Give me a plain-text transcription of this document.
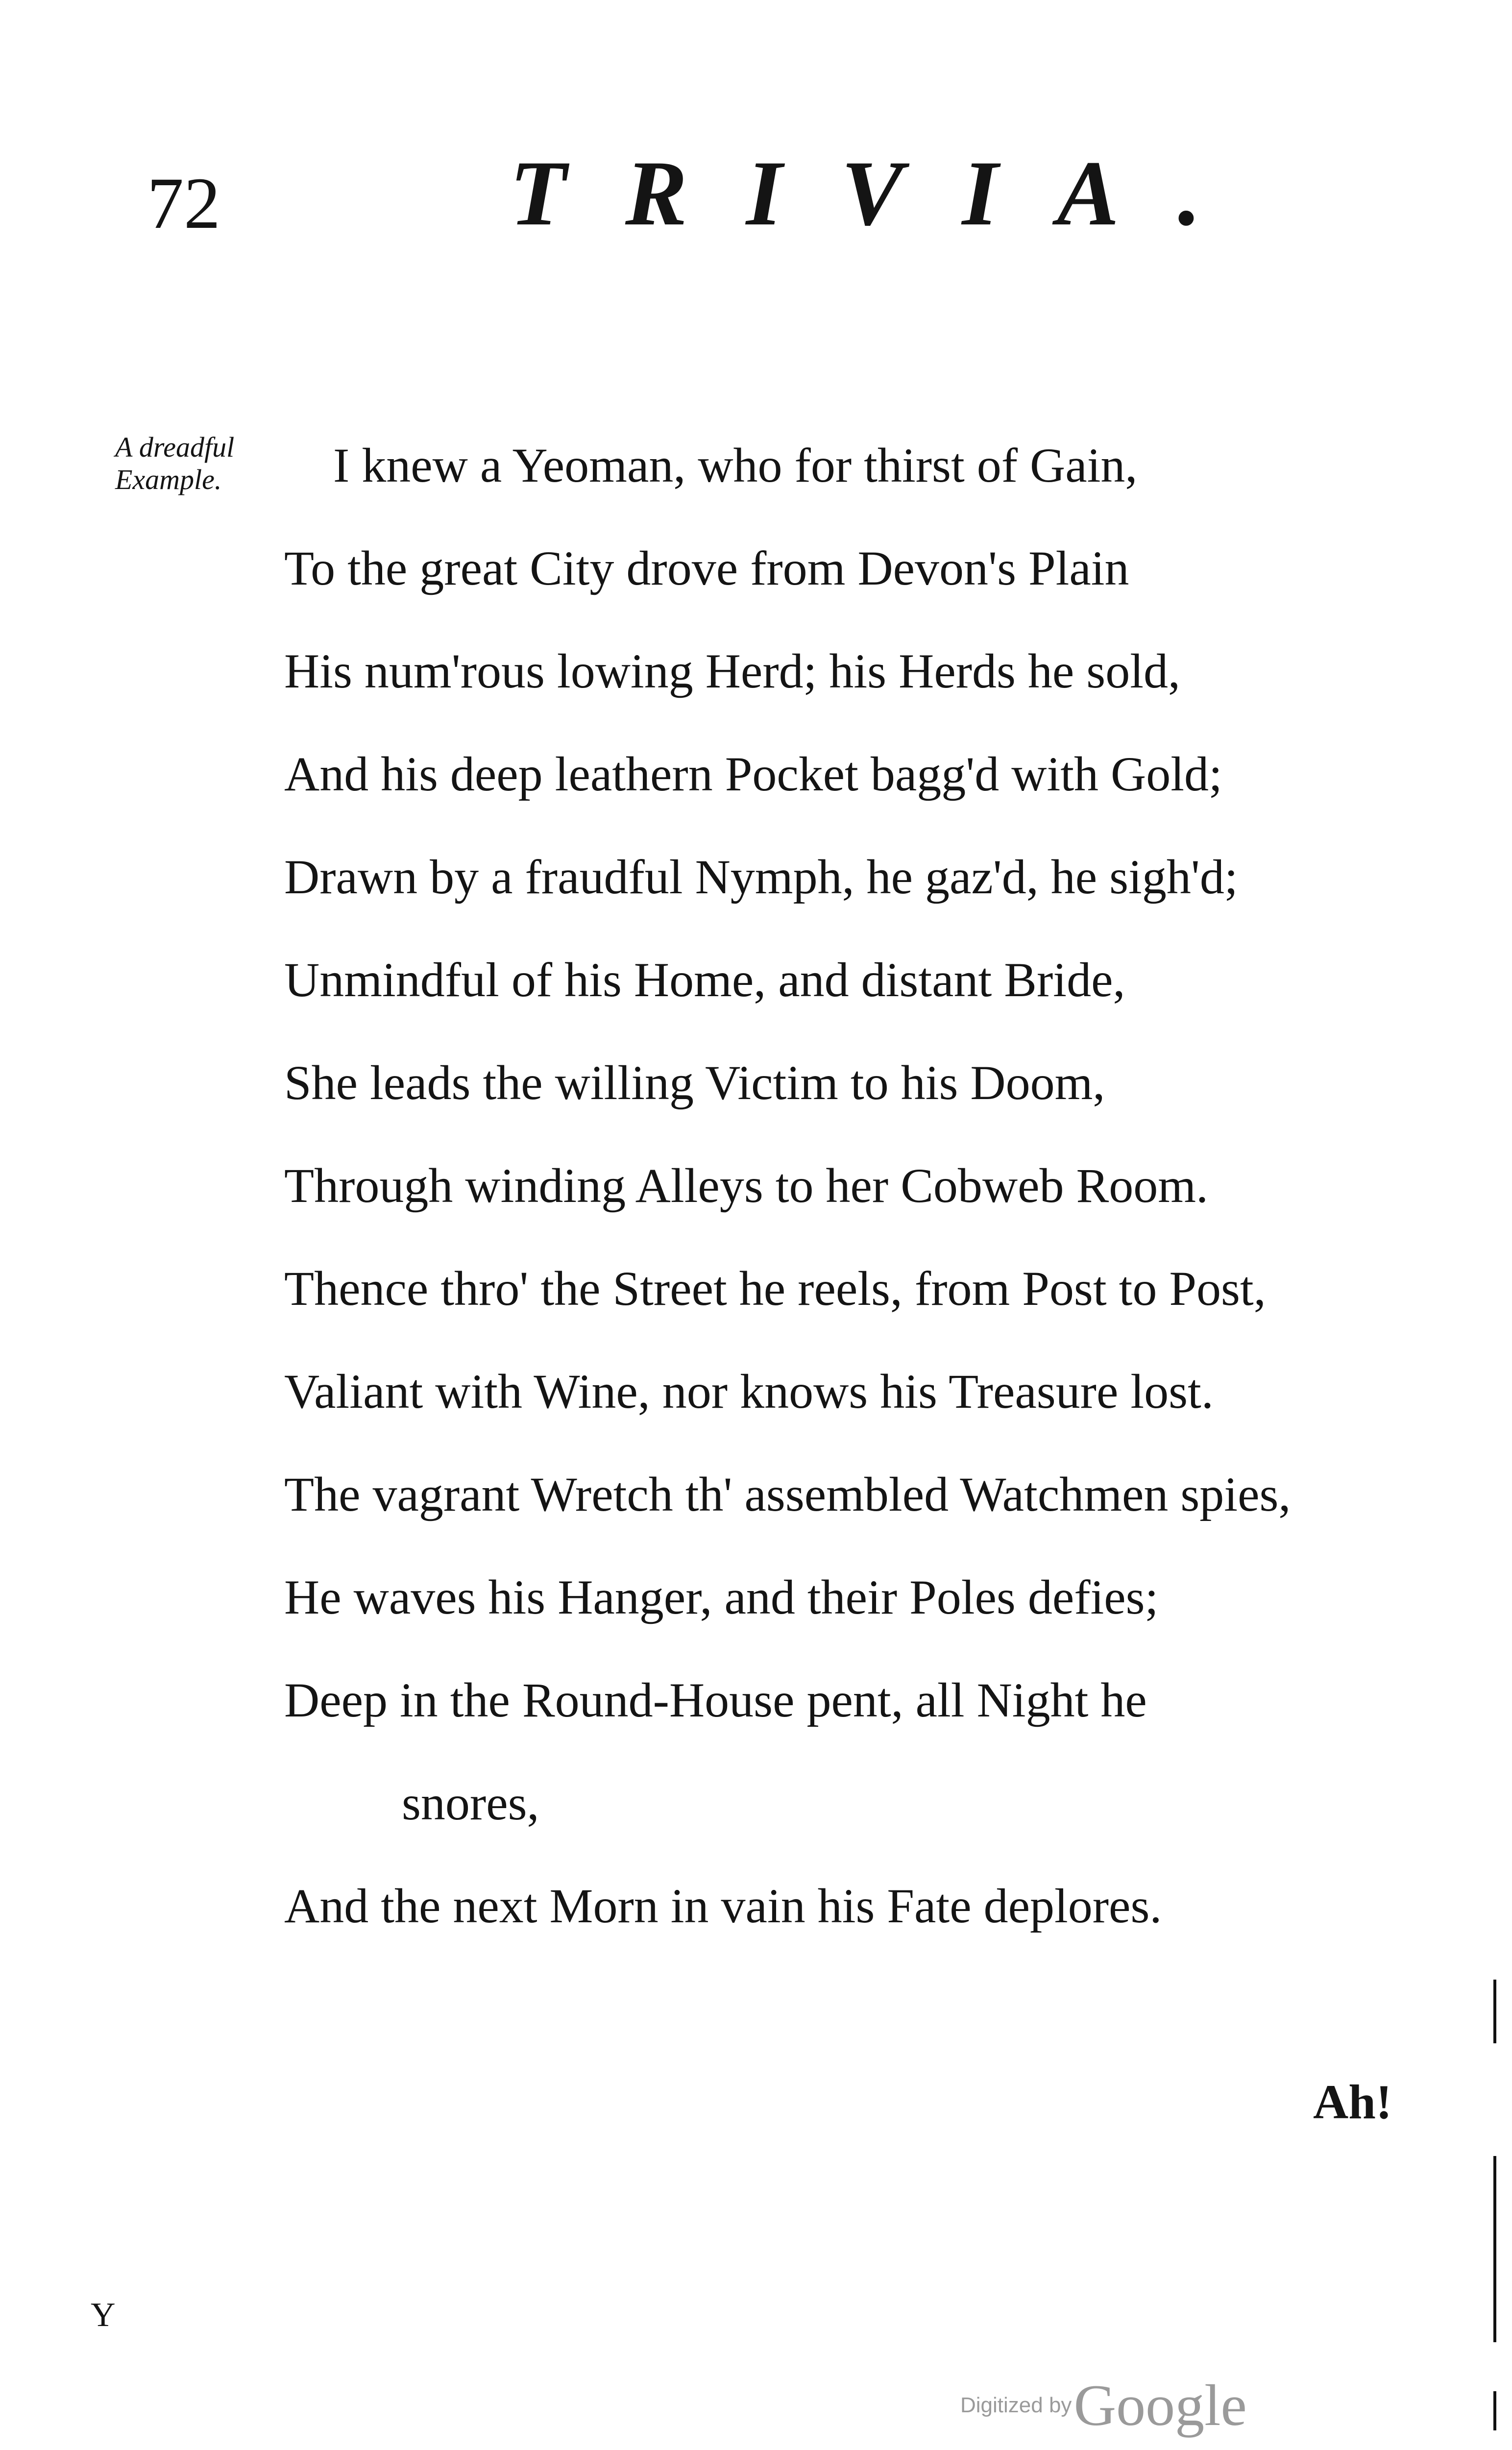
72	TRIVIA.
A dreadful
Example.	I knew a Yeoman, who for thirst of Gain,
To the great City drove from Devon's Plain
His num'rous lowing Herd; his Herds he sold,
And his deep leathern Pocket bagg'd with Gold;
Drawn by a fraudful Nymph, he gaz'd, he sigh'd;
Unmindful of his Home, and distant Bride,
She leads the willing Victim to his Doom,
Through winding Alleys to her Cobweb Room.
Thence thro' the Street he reels, from Post to Post,
Valiant with Wine, nor knows his Treasure lost.
The vagrant Wretch th' assembled Watchmen spies,
He waves his Hanger, and their Poles defies;
Deep in the Round-House pent, all Night he
snores,
And the next Morn in vain his Fate deplores.
Ah!
Y
Digitized by Google
